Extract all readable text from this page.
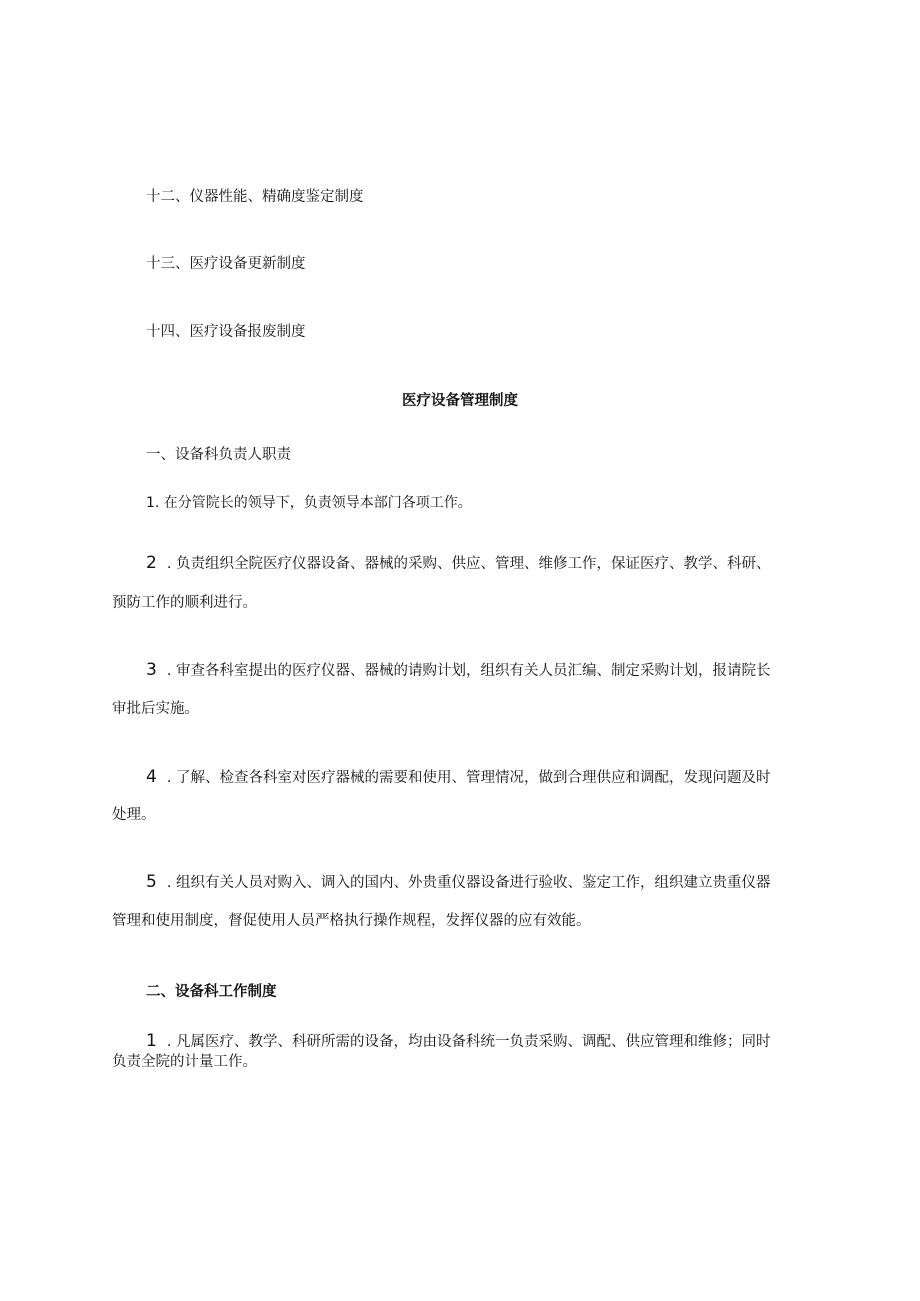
十二、仪器性能、精确度鉴定制度
十三、医疗设备更新制度
十四、医疗设备报废制度
医疗设备管理制度
一、设备科负责人职责
1. 在分管院长的领导下，负责领导本部门各项工作。
2 . 负责组织全院医疗仪器设备、器械的采购、供应、管理、维修工作，保证医疗、教学、科研、
预防工作的顺利进行。
3 . 审查各科室提出的医疗仪器、器械的请购计划，组织有关人员汇编、制定采购计划，报请院长
审批后实施。
4 . 了解、检查各科室对医疗器械的需要和使用、管理情况，做到合理供应和调配，发现问题及时
处理。
5 . 组织有关人员对购入、调入的国内、外贵重仪器设备进行验收、鉴定工作，组织建立贵重仪器
管理和使用制度，督促使用人员严格执行操作规程，发挥仪器的应有效能。
二、设备科工作制度
1 . 凡属医疗、教学、科研所需的设备，均由设备科统一负责采购、调配、供应管理和维修；同时
负责全院的计量工作。
